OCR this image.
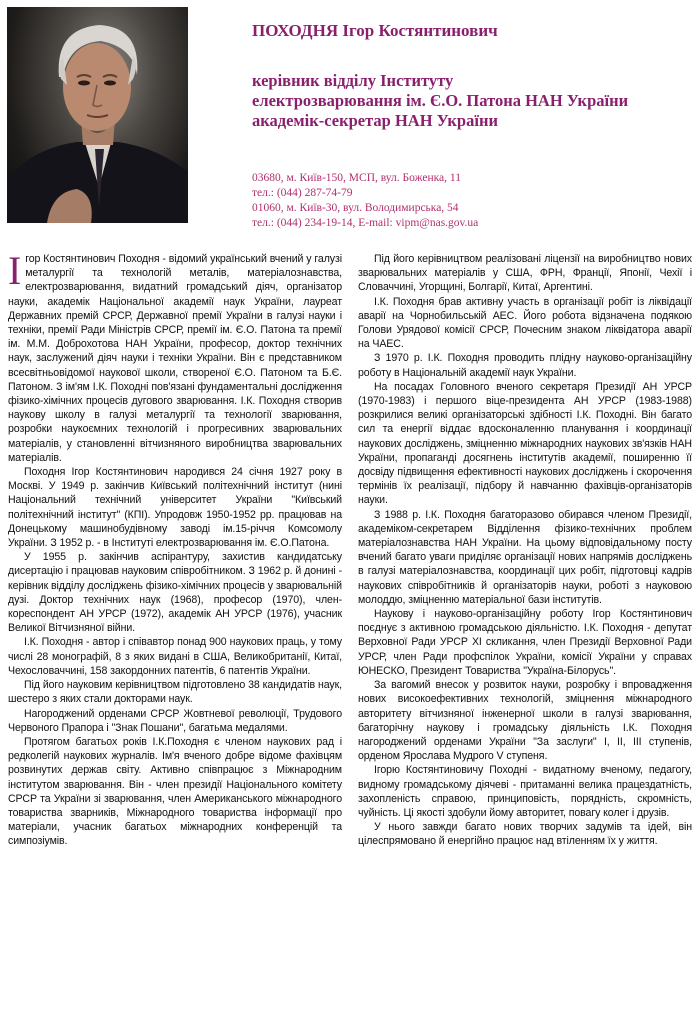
ПОХОДНЯ Ігор Костянтинович
керівник відділу Інституту
електрозварювання ім. Є.О. Патона НАН України
академік-секретар НАН України
03680, м. Київ-150, МСП, вул. Боженка, 11
тел.: (044) 287-74-79
01060, м. Київ-30, вул. Володимирська, 54
тел.: (044) 234-19-14, E-mail: vipm@nas.gov.ua

Ігор Костянтинович Походня - відомий український вчений у галузі металургії та технологій металів, матеріалознавства, електрозварювання, видатний громадський діяч, організатор науки, академік Національної академії наук України, лауреат Державних премій СРСР, Державної премії України в галузі науки і техніки, премії Ради Міністрів СРСР, премії ім. Є.О. Патона та премії ім. М.М. Доброхотова НАН України, професор, доктор технічних наук, заслужений діяч науки і техніки України. Він є представником всесвітньовідомої наукової школи, створеної Є.О. Патоном та Б.Є. Патоном. З ім'ям І.К. Походні пов'язані фундаментальні дослідження фізико-хімічних процесів дугового зварювання. І.К. Походня створив наукову школу в галузі металургії та технології зварювання, розробки наукоємних технологій і прогресивних зварювальних матеріалів, у становленні вітчизняного виробництва зварювальних матеріалів.

Походня Ігор Костянтинович народився 24 січня 1927 року в Москві. У 1949 р. закінчив Київський політехнічний інститут (нині Національний технічний університет України "Київський політехнічний інститут" (КПІ). Упродовж 1950-1952 рр. працював на Донецькому машинобудівному заводі ім.15-річчя Комсомолу України. З 1952 р. - в Інституті електрозварювання ім. Є.О.Патона.

У 1955 р. закінчив аспірантуру, захистив кандидатську дисертацію і працював науковим співробітником. З 1962 р. й донині - керівник відділу досліджень фізико-хімічних процесів у зварювальній дузі. Доктор технічних наук (1968), професор (1970), член-кореспондент АН УРСР (1972), академік АН УРСР (1976), учасник Великої Вітчизняної війни.

І.К. Походня - автор і співавтор понад 900 наукових праць, у тому числі 28 монографій, 8 з яких видані в США, Великобританії, Китаї, Чехословаччині, 158 закордонних патентів, 6 патентів України.

Під його науковим керівництвом підготовлено 38 кандидатів наук, шестеро з яких стали докторами наук.

Нагороджений орденами СРСР Жовтневої революції, Трудового Червоного Прапора і "Знак Пошани", багатьма медалями.

Протягом багатьох років І.К.Походня є членом наукових рад і редколегій наукових журналів. Ім'я вченого добре відоме фахівцям розвинутих держав світу. Активно співпрацює з Міжнародним інститутом зварювання. Він - член президії Національного комітету СРСР та України зі зварювання, член Американського міжнародного товариства зварників, Міжнародного товариства інформації про матеріали, учасник багатьох міжнародних конференцій та симпозіумів.

Під його керівництвом реалізовані ліцензії на виробництво нових зварювальних матеріалів у США, ФРН, Франції, Японії, Чехії і Словаччині, Угорщині, Болгарії, Китаї, Аргентині.

І.К. Походня брав активну участь в організації робіт із ліквідації аварії на Чорнобильській АЕС. Його робота відзначена подякою Голови Урядової комісії СРСР, Почесним знаком ліквідатора аварії на ЧАЕС.

З 1970 р. І.К. Походня проводить плідну науково-організаційну роботу в Національній академії наук України.

На посадах Головного вченого секретаря Президії АН УРСР (1970-1983) і першого віце-президента АН УРСР (1983-1988) розкрилися великі організаторські здібності І.К. Походні. Він багато сил та енергії віддає вдосконаленню планування і координації наукових досліджень, зміцненню міжнародних наукових зв'язків НАН України, пропаганді досягнень інститутів академії, поширенню її досвіду підвищення ефективності наукових досліджень і скорочення термінів їх реалізації, підбору й навчанню фахівців-організаторів науки.

З 1988 р. І.К. Походня багаторазово обирався членом Президії, академіком-секретарем Відділення фізико-технічних проблем матеріалознавства НАН України. На цьому відповідальному посту вчений багато уваги приділяє організації нових напрямів досліджень в галузі матеріалознавства, координації цих робіт, підготовці кадрів наукових співробітників й організаторів науки, роботі з науковою молоддю, зміцненню матеріальної бази інститутів.

Наукову і науково-організаційну роботу Ігор Костянтинович поєднує з активною громадською діяльністю. І.К. Походня - депутат Верховної Ради УРСР XI скликання, член Президії Верховної Ради УРСР, член Ради профспілок України, комісії України у справах ЮНЕСКО, Президент Товариства "Україна-Білорусь".

За вагомий внесок у розвиток науки, розробку і впровадження нових високоефективних технологій, зміцнення міжнародного авторитету вітчизняної інженерної школи в галузі зварювання, багаторічну наукову і громадську діяльність І.К. Походня нагороджений орденами України "За заслуги" І, ІІ, ІІІ ступенів, орденом Ярослава Мудрого V ступеня.

Ігорю Костянтиновичу Походні - видатному вченому, педагогу, видному громадському діячеві - притаманні велика працездатність, захопленість справою, принциповість, порядність, скромність, чуйність. Ці якості здобули йому авторитет, повагу колег і друзів.

У нього завжди багато нових творчих задумів та ідей, він цілеспрямовано й енергійно працює над втіленням їх у життя.
